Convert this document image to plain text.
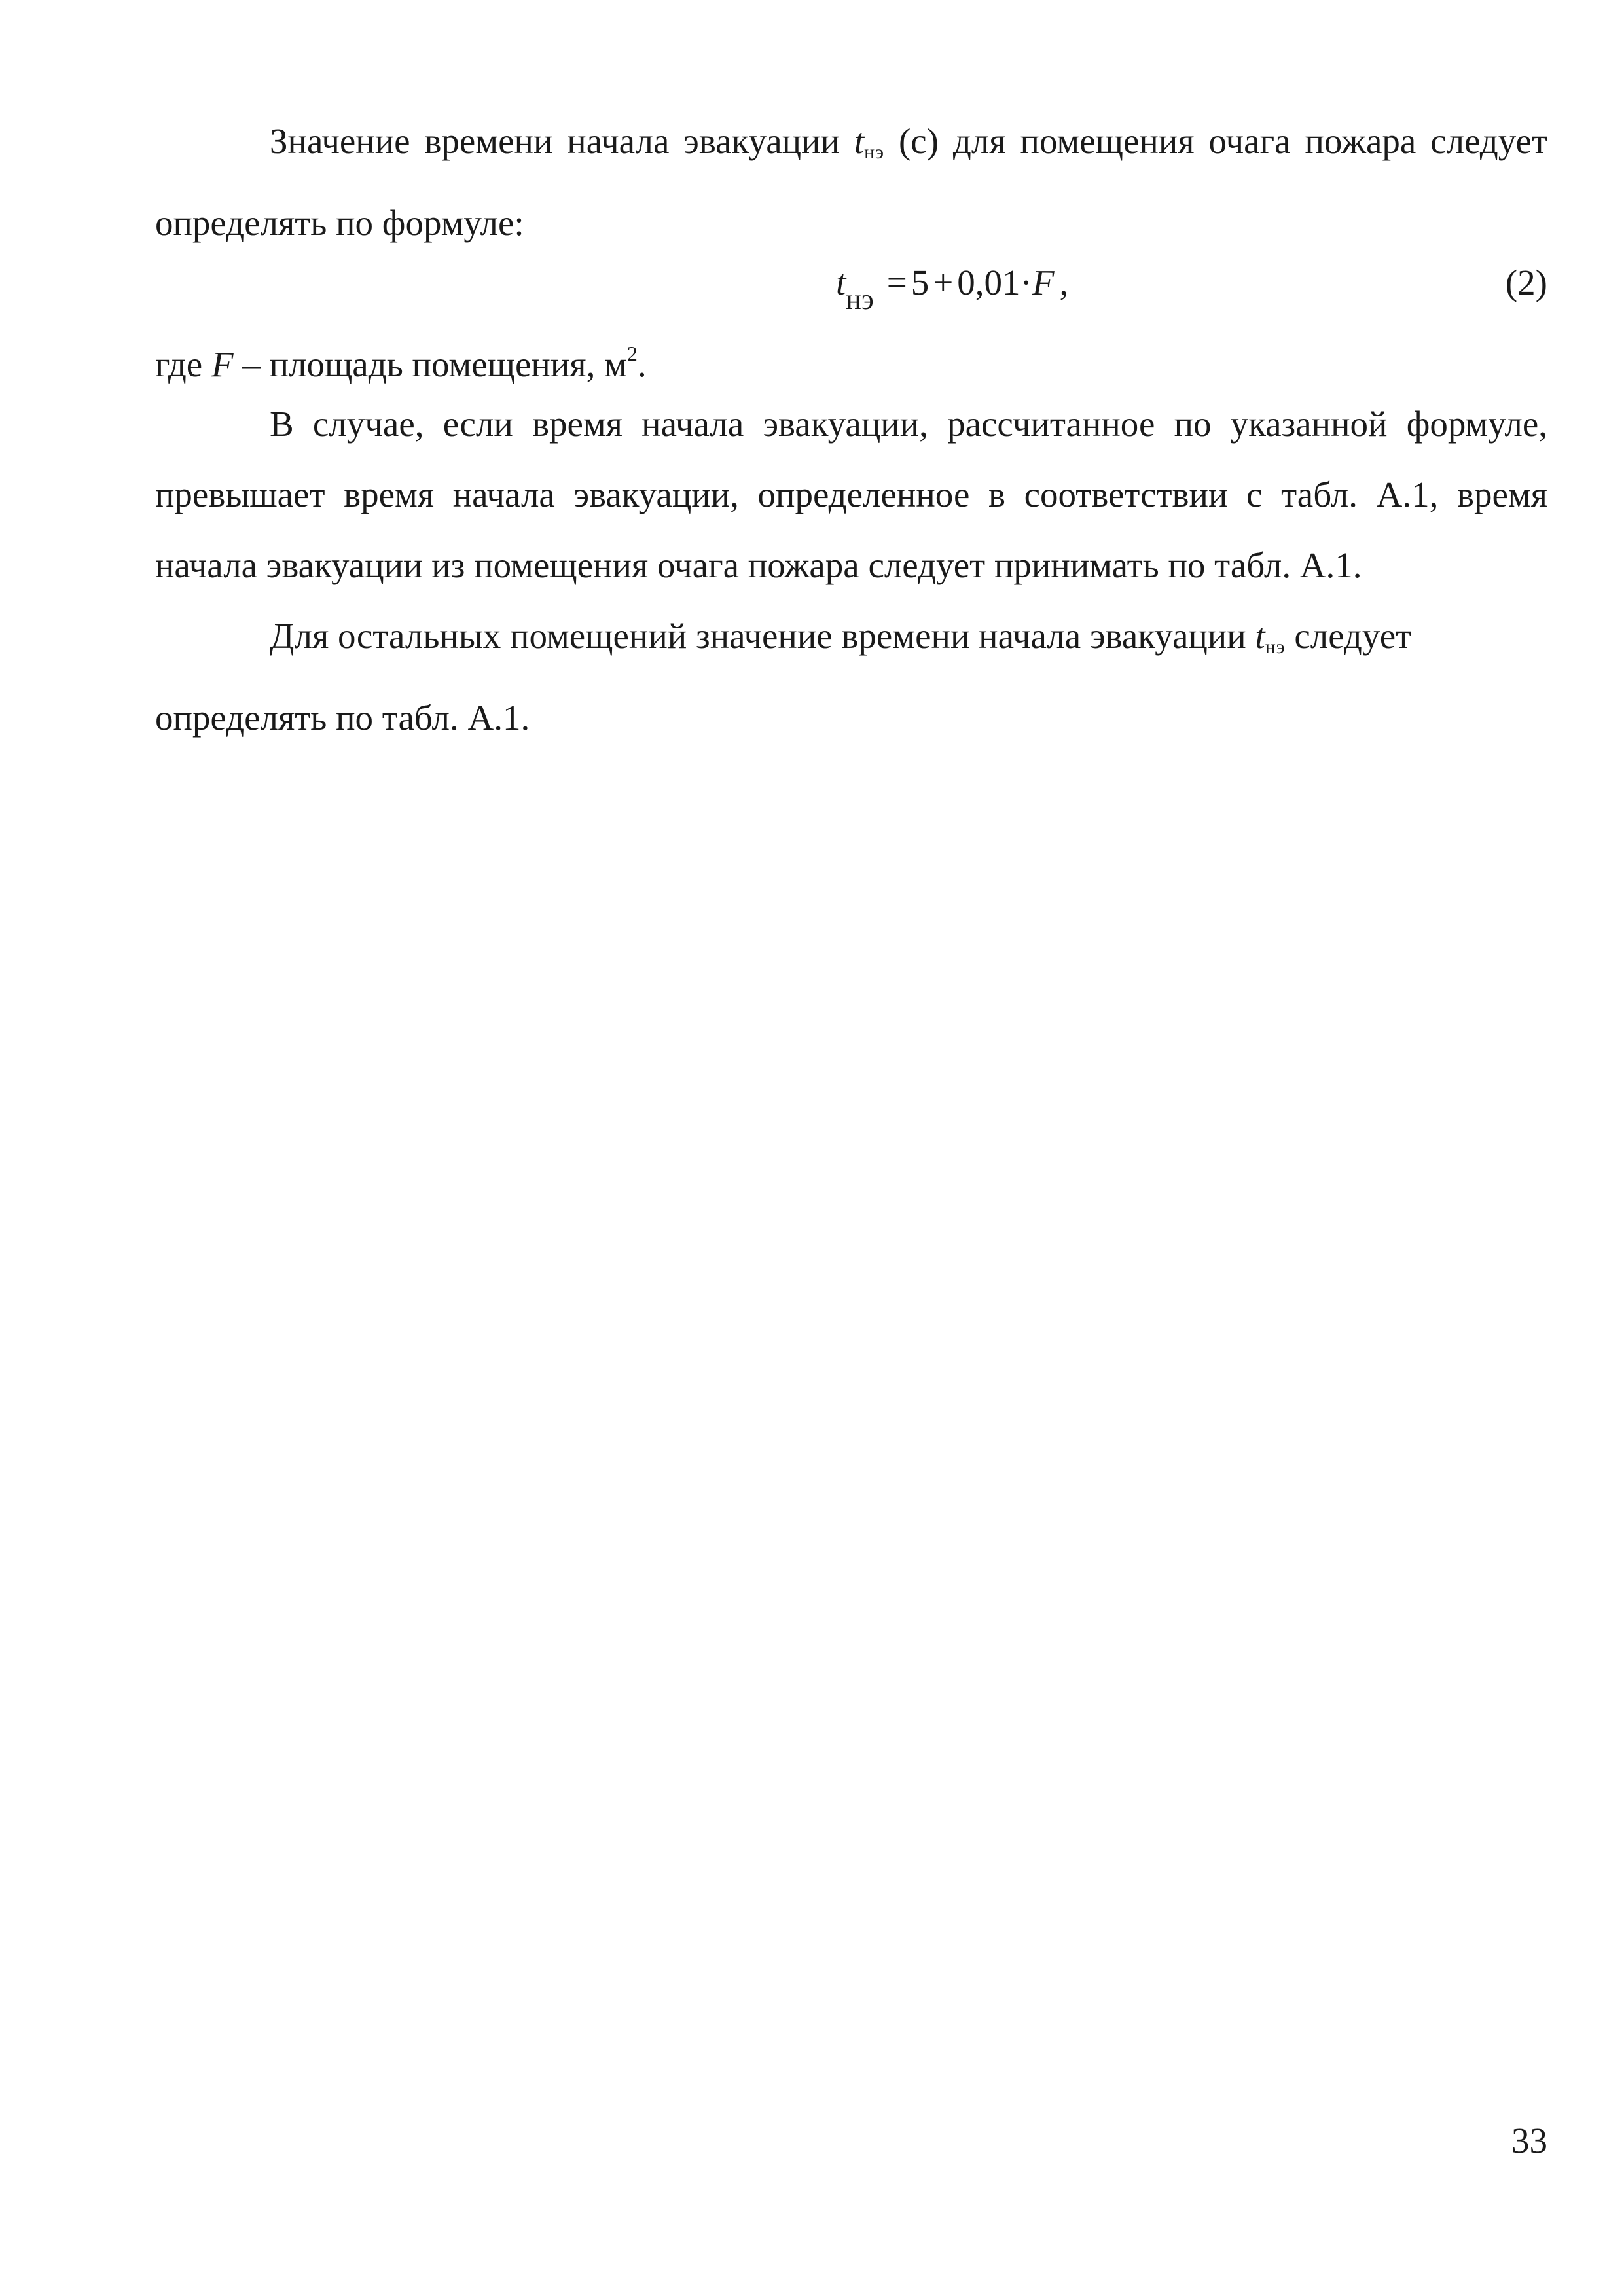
Значение времени начала эвакуации tнэ (с) для помещения очага пожара следует определять по формуле:

$t_{нэ} = 5 + 0,01\cdot F$ ,	(2)

где F – площадь помещения, $м^2$.

В случае, если время начала эвакуации, рассчитанное по указанной формуле, превышает время начала эвакуации, определенное в соответствии с табл. А.1, время начала эвакуации из помещения очага пожара следует принимать по табл. А.1.

Для остальных помещений значение времени начала эвакуации tнэ следует определять по табл. А.1.

33
